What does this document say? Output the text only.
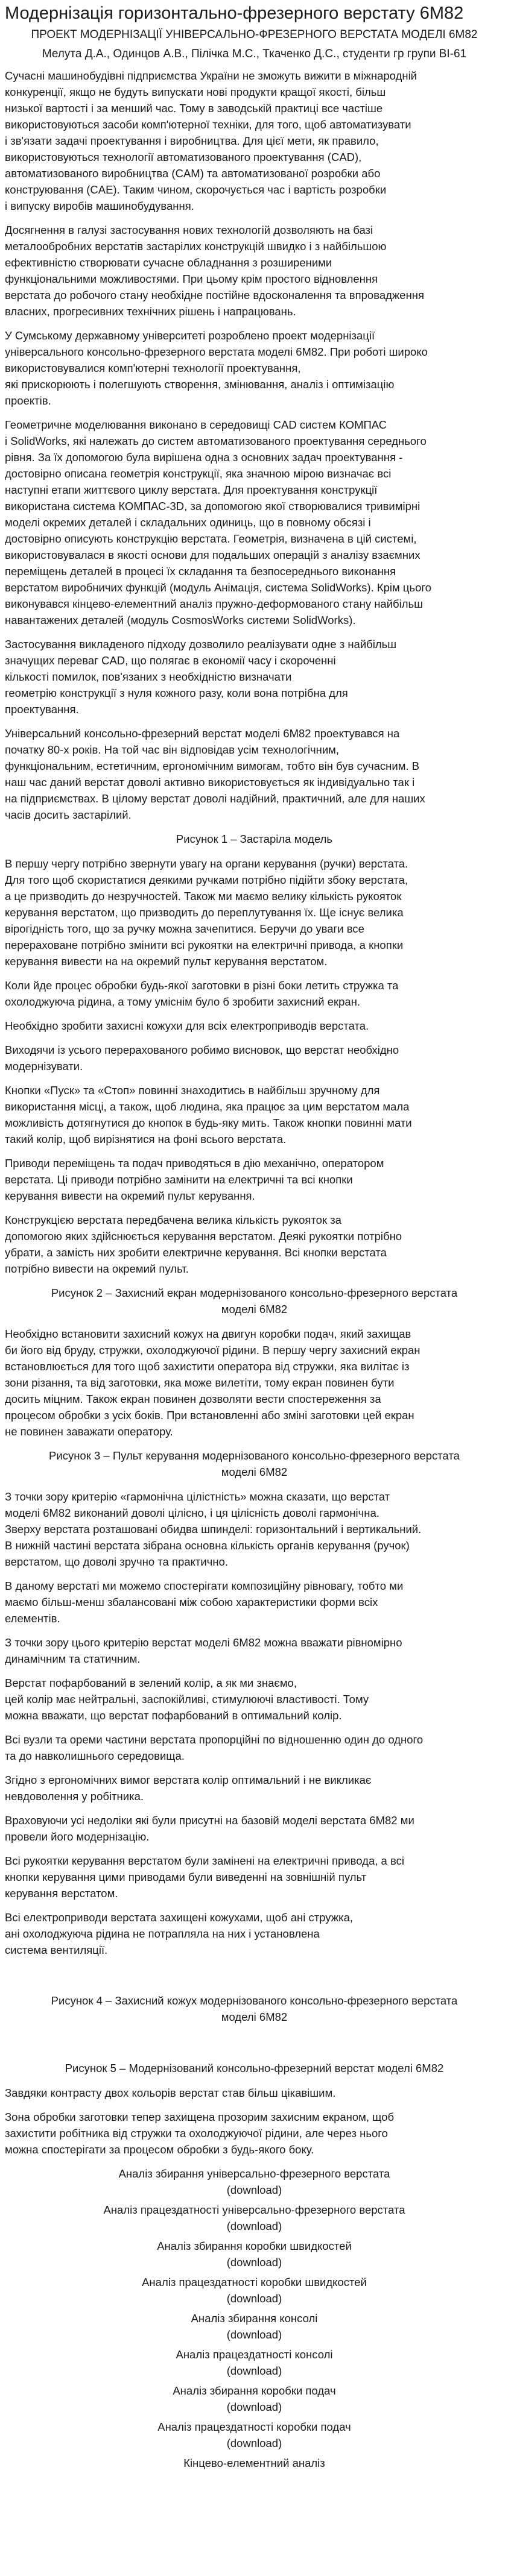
Модернізація горизонтально-фрезерного верстату 6М82
ПРОЕКТ МОДЕРНІЗАЦІЇ УНІВЕРСАЛЬНО-ФРЕЗЕРНОГО ВЕРСТАТА МОДЕЛІ 6М82
Мелута Д.А., Одинцов А.В., Пілічка М.С., Ткаченко Д.С., студенти гр групи ВІ-61

Сучасні машинобудівні підприємства України не зможуть вижити в міжнародній
конкуренції, якщо не будуть випускати нові продукти кращої якості, більш
низької вартості і за менший час. Тому в заводській практиці все частіше
використовуються засоби комп'ютерної техніки, для того, щоб автоматизувати
і зв'язати задачі проектування і виробництва. Для цієї мети, як правило,
використовуються технології автоматизованого проектування (CAD),
автоматизованого виробництва (CAM) та автоматизованої розробки або
конструювання (CAE). Таким чином, скорочується час і вартість розробки
і випуску виробів машинобудування.

Досягнення в галузі застосування нових технологій дозволяють на базі
металообробних верстатів застарілих конструкцій швидко і з найбільшою
ефективністю створювати сучасне обладнання з розширеними
функціональними можливостями. При цьому крім простого відновлення
верстата до робочого стану необхідне постійне вдосконалення та впровадження
власних, прогресивних технічних рішень і напрацювань.

У Сумському державному університеті розроблено проект модернізації
універсального консольно-фрезерного верстата моделі 6М82. При роботі широко
використовувалися комп'ютерні технології проектування,
які прискорюють і полегшують створення, змінювання, аналіз і оптимізацію
проектів.

Геометричне моделювання виконано в середовищі CAD систем КОМПАС
і SolidWorks, які належать до систем автоматизованого проектування середнього
рівня. За їх допомогою була вирішена одна з основних задач проектування -
достовірно описана геометрія конструкції, яка значною мірою визначає всі
наступні етапи життєвого циклу верстата. Для проектування конструкції
використана система КОМПАС-3D, за допомогою якої створювалися тривимірні
моделі окремих деталей і складальних одиниць, що в повному обсязі і
достовірно описують конструкцію верстата. Геометрія, визначена в цій системі,
використовувалася в якості основи для подальших операцій з аналізу взаємних
переміщень деталей в процесі їх складання та безпосереднього виконання
верстатом виробничих функцій (модуль Анімація, система SolidWorks). Крім цього
виконувався кінцево-елементний аналіз пружно-деформованого стану найбільш
навантажених деталей (модуль CosmosWorks системи SolidWorks).

Застосування викладеного підходу дозволило реалізувати одне з найбільш
значущих переваг CAD, що полягає в економії часу і скороченні
кількості помилок, пов'язаних з необхідністю визначати
геометрію конструкції з нуля кожного разу, коли вона потрібна для
проектування.

Універсальний консольно-фрезерний верстат моделі 6М82 проектувався на
початку 80-х років. На той час він відповідав усім технологічним,
функціональним, естетичним, ергономічним вимогам, тобто він був сучасним. В
наш час даний верстат доволі активно використовується як індивідуально так і
на підприємствах. В цілому верстат доволі надійний, практичний, але для наших
часів досить застарілий.

Рисунок 1 – Застаріла модель

В першу чергу потрібно звернути увагу на органи керування (ручки) верстата.
Для того щоб скористатися деякими ручками потрібно підійти збоку верстата,
а це призводить до незручностей. Також ми маємо велику кількість рукояток
керування верстатом, що призводить до переплутування їх. Ще існує велика
вірогідність того, що за ручку можна зачепитися. Беручи до уваги все
перераховане потрібно змінити всі рукоятки на електричні привода, а кнопки
керування вивести на на окремий пульт керування верстатом.

Коли йде процес обробки будь-якої заготовки в різні боки летить стружка та
охолоджуюча рідина, а тому уміснім було б зробити захисний екран.

Необхідно зробити захисні кожухи для всіх електроприводів верстата.

Виходячи із усього перерахованого робимо висновок, що верстат необхідно
модернізувати.

Кнопки «Пуск» та «Стоп» повинні знаходитись в найбільш зручному для
використання місці, а також, щоб людина, яка працює за цим верстатом мала
можливість дотягнутися до кнопок в будь-яку мить. Також кнопки повинні мати
такий колір, щоб вирізнятися на фоні всього верстата.

Приводи переміщень та подач приводяться в дію механічно, оператором
верстата. Ці приводи потрібно замінити на електричні та всі кнопки
керування вивести на окремий пульт керування.

Конструкцією верстата передбачена велика кількість рукояток за
допомогою яких здійснюється керування верстатом. Деякі рукоятки потрібно
убрати, а замість них зробити електричне керування. Всі кнопки верстата
потрібно вивести на окремий пульт.

Рисунок 2 – Захисний екран модернізованого консольно-фрезерного верстата
моделі 6М82

Необхідно встановити захисний кожух на двигун коробки подач, який захищав
би його від бруду, стружки, охолоджуючої рідини. В першу чергу захисний екран
встановлюється для того щоб захистити оператора від стружки, яка вилітає із
зони різання, та від заготовки, яка може вилетіти, тому екран повинен бути
досить міцним. Також екран повинен дозволяти вести спостереження за
процесом обробки з усіх боків. При встановленні або зміні заготовки цей екран
не повинен заважати оператору.

Рисунок 3 – Пульт керування модернізованого консольно-фрезерного верстата
моделі 6М82

З точки зору критерію «гармонічна цілістність» можна сказати, що верстат
моделі 6М82 виконаний доволі цілісно, і ця цілісність доволі гармонічна.
Зверху верстата розташовані обидва шпинделі: горизонтальний і вертикальний.
В нижній частині верстата зібрана основна кількість органів керування (ручок)
верстатом, що доволі зручно та практично.

В даному верстаті ми можемо спостерігати композиційну рівновагу, тобто ми
маємо більш-менш збалансовані між собою характеристики форми всіх
елементів.

З точки зору цього критерію верстат моделі 6М82 можна вважати рівномірно
динамічним та статичним.

Верстат пофарбований в зелений колір, а як ми знаємо,
цей колір має нейтральні, заспокійливі, стимулюючі властивості. Тому
можна вважати, що верстат пофарбований в оптимальний колір.

Всі вузли та ореми частини верстата пропорційні по відношенню один до одного
та до навколишнього середовища.

Згідно з ергономічних вимог верстата колір оптимальний і не викликає
невдоволення у робітника.

Враховуючи усі недоліки які були присутні на базовій моделі верстата 6М82 ми
провели його модернізацію.

Всі рукоятки керування верстатом були замінені на електричні привода, а всі
кнопки керування цими приводами були виведенні на зовнішній пульт
керування верстатом.

Всі електроприводи верстата захищені кожухами, щоб ані стружка,
ані охолоджуюча рідина не потрапляла на них і установлена
система вентиляції.

Рисунок 4 – Захисний кожух модернізованого консольно-фрезерного верстата
моделі 6М82
Рисунок 5 – Модернізований консольно-фрезерний верстат моделі 6М82

Завдяки контрасту двох кольорів верстат став більш цікавішим.

Зона обробки заготовки тепер захищена прозорим захисним екраном, щоб
захистити робітника від стружки та охолоджуючої рідини, але через нього
можна спостерігати за процесом обробки з будь-якого боку.

Аналіз збирання універсально-фрезерного верстата
(download)
Аналіз працездатності універсально-фрезерного верстата
(download)
Аналіз збирання коробки швидкостей
(download)
Аналіз працездатності коробки швидкостей
(download)
Аналіз збирання консолі
(download)
Аналіз працездатності консолі
(download)
Аналіз збирання коробки подач
(download)
Аналіз працездатності коробки подач
(download)
Кінцево-елементний аналіз
